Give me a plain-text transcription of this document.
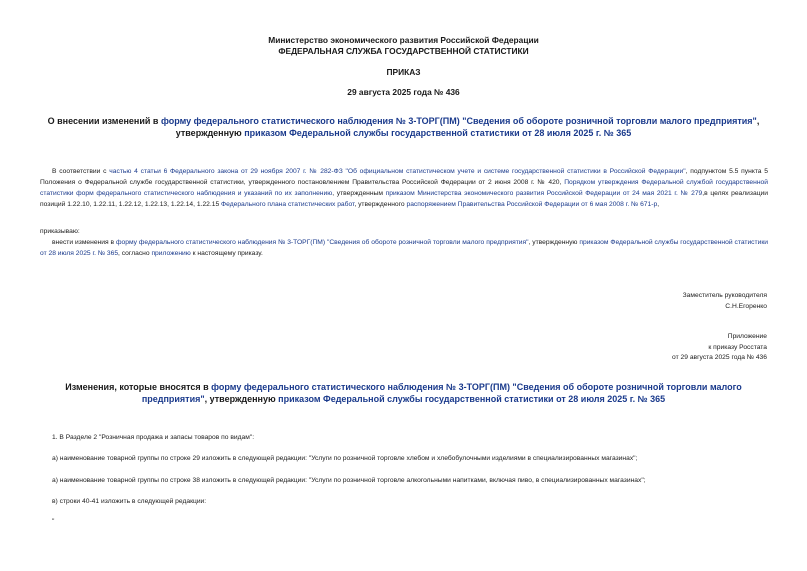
Министерство экономического развития Российской Федерации
ФЕДЕРАЛЬНАЯ СЛУЖБА ГОСУДАРСТВЕННОЙ СТАТИСТИКИ
ПРИКАЗ
29 августа 2025 года № 436
О внесении изменений в форму федерального статистического наблюдения № 3-ТОРГ(ПМ) "Сведения об обороте розничной торговли малого предприятия", утвержденную приказом Федеральной службы государственной статистики от 28 июля 2025 г. № 365
В соответствии с частью 4 статьи 6 Федерального закона от 29 ноября 2007 г. № 282-ФЗ "Об официальном статистическом учете и системе государственной статистики в Российской Федерации", подпунктом 5.5 пункта 5 Положения о Федеральной службе государственной статистики, утвержденного постановлением Правительства Российской Федерации от 2 июня 2008 г. № 420, Порядком утверждения Федеральной службой государственной статистики форм федерального статистического наблюдения и указаний по их заполнению, утвержденным приказом Министерства экономического развития Российской Федерации от 24 мая 2021 г. № 279,в целях реализации позиций 1.22.10, 1.22.11, 1.22.12, 1.22.13, 1.22.14, 1.22.15 Федерального плана статистических работ, утвержденного распоряжением Правительства Российской Федерации от 6 мая 2008 г. № 671-р,
приказываю:
внести изменения в форму федерального статистического наблюдения № 3-ТОРГ(ПМ) "Сведения об обороте розничной торговли малого предприятия", утвержденную приказом Федеральной службы государственной статистики от 28 июля 2025 г. № 365, согласно приложению к настоящему приказу.
Заместитель руководителя
С.Н.Егоренко
Приложение
к приказу Росстата
от 29 августа 2025 года № 436
Изменения, которые вносятся в форму федерального статистического наблюдения № 3-ТОРГ(ПМ) "Сведения об обороте розничной торговли малого предприятия", утвержденную приказом Федеральной службы государственной статистики от 28 июля 2025 г. № 365
1. В Разделе 2 "Розничная продажа и запасы товаров по видам":
а) наименование товарной группы по строке 29 изложить в следующей редакции: "Услуги по розничной торговле хлебом и хлебобулочными изделиями в специализированных магазинах";
а) наименование товарной группы по строке 38 изложить в следующей редакции: "Услуги по розничной торговле алкогольными напитками, включая пиво, в специализированных магазинах";
в) строки 40-41 изложить в следующей редакции:
"
